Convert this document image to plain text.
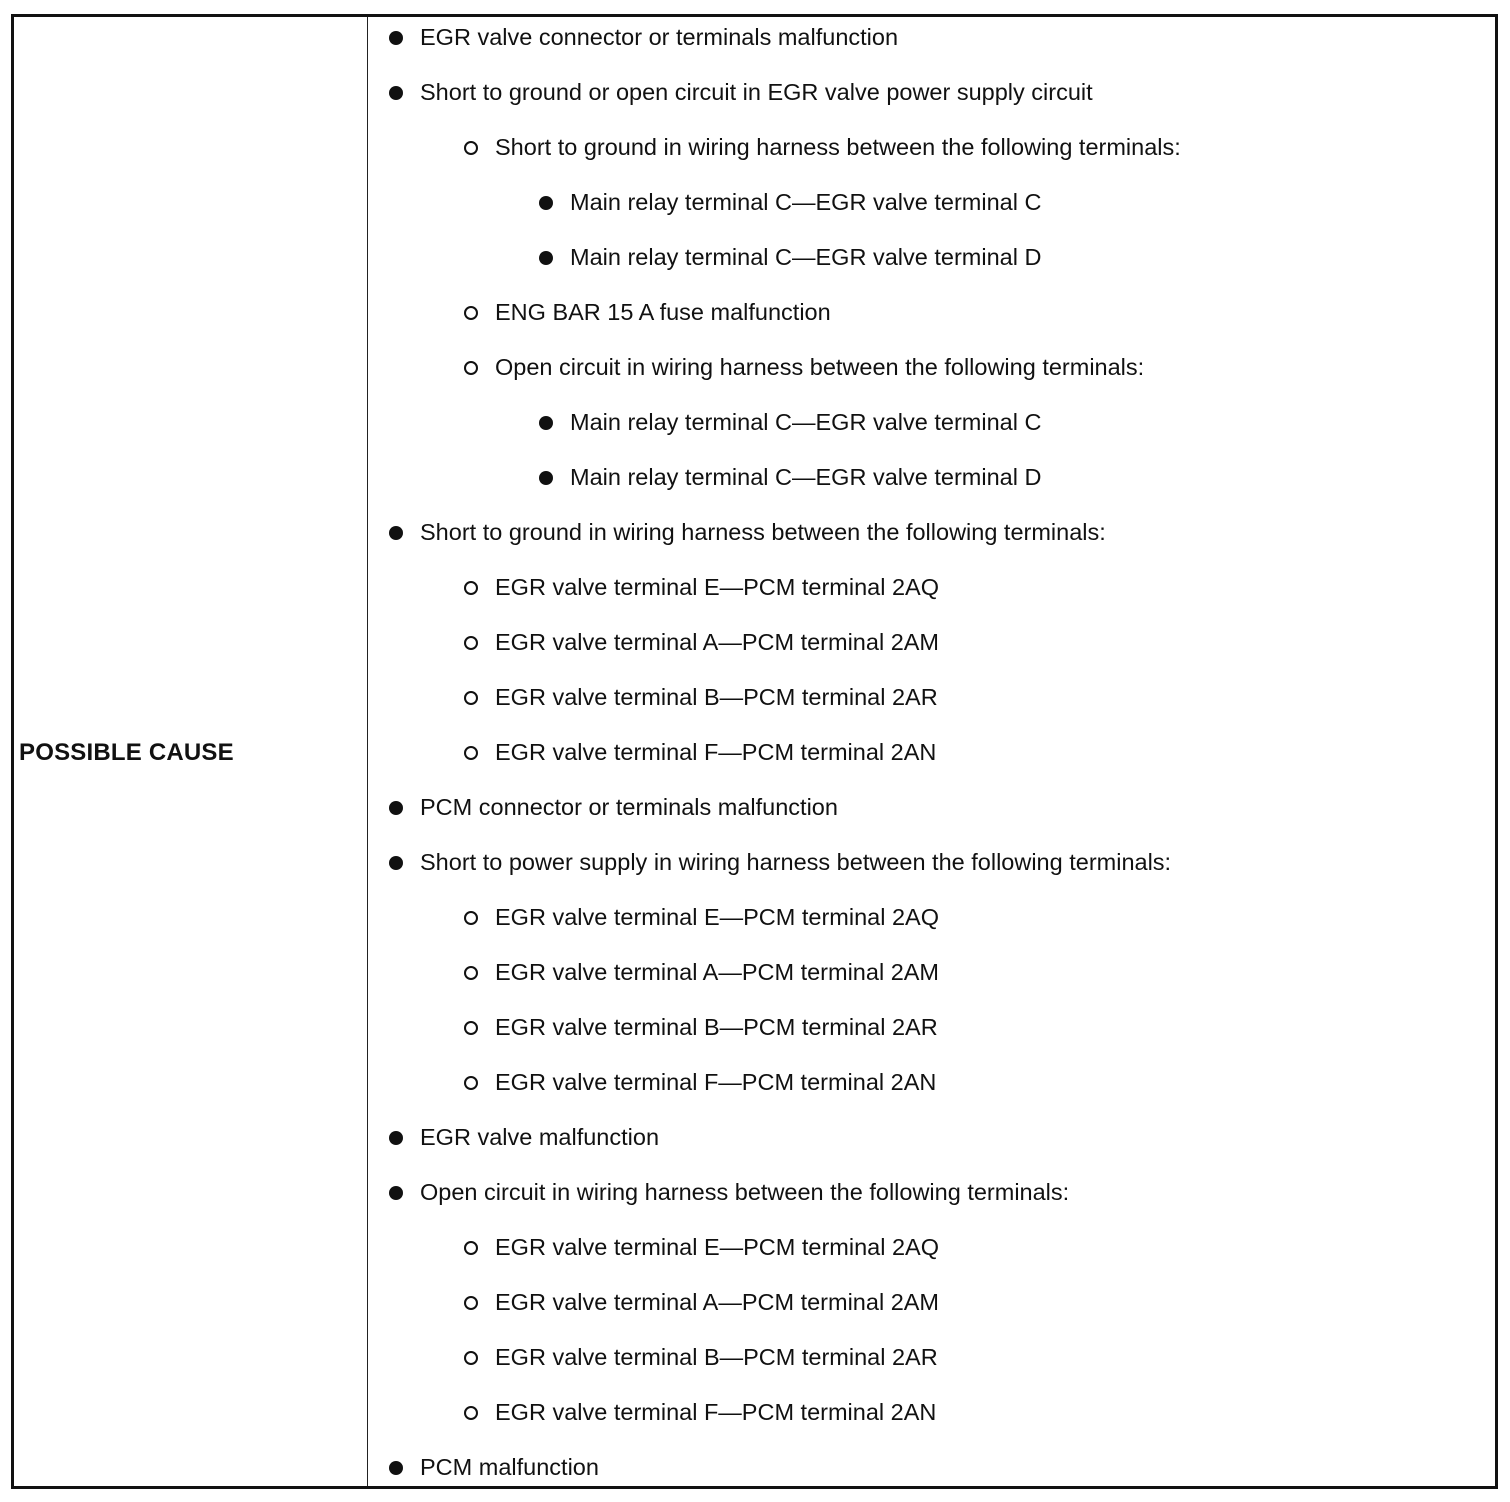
POSSIBLE CAUSE
EGR valve connector or terminals malfunction
Short to ground or open circuit in EGR valve power supply circuit
Short to ground in wiring harness between the following terminals:
Main relay terminal C—EGR valve terminal C
Main relay terminal C—EGR valve terminal D
ENG BAR 15 A fuse malfunction
Open circuit in wiring harness between the following terminals:
Main relay terminal C—EGR valve terminal C
Main relay terminal C—EGR valve terminal D
Short to ground in wiring harness between the following terminals:
EGR valve terminal E—PCM terminal 2AQ
EGR valve terminal A—PCM terminal 2AM
EGR valve terminal B—PCM terminal 2AR
EGR valve terminal F—PCM terminal 2AN
PCM connector or terminals malfunction
Short to power supply in wiring harness between the following terminals:
EGR valve terminal E—PCM terminal 2AQ
EGR valve terminal A—PCM terminal 2AM
EGR valve terminal B—PCM terminal 2AR
EGR valve terminal F—PCM terminal 2AN
EGR valve malfunction
Open circuit in wiring harness between the following terminals:
EGR valve terminal E—PCM terminal 2AQ
EGR valve terminal A—PCM terminal 2AM
EGR valve terminal B—PCM terminal 2AR
EGR valve terminal F—PCM terminal 2AN
PCM malfunction
